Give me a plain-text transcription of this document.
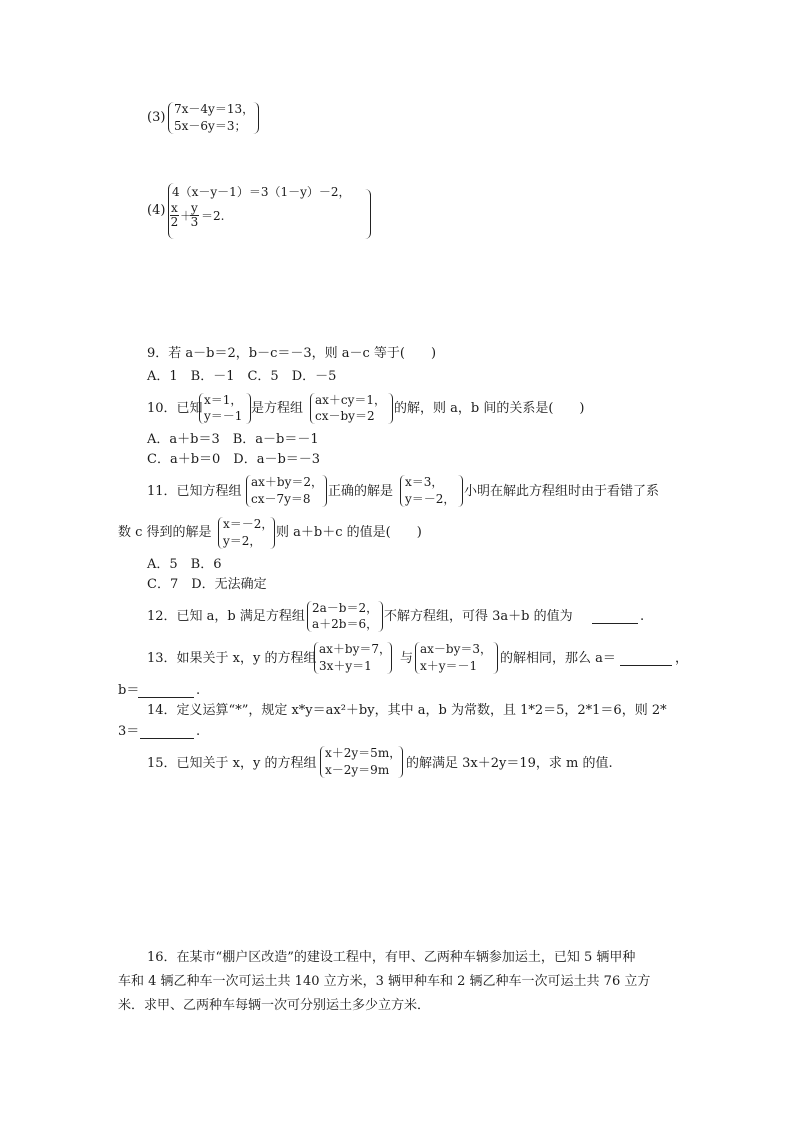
(3)
7x－4y＝13，
5x－6y＝3；
(4)
4（x－y－1）＝3（1－y）－2，
$\frac{x}{2}$ ＋
$\frac{y}{3} =2$.
9．若 a－b＝2，b－c＝－3，则 a－c 等于(　　)
A．1　B．－1　C．5　D．－5
10．已知
x＝1，
y＝－1 是方程组
ax＋cy＝1，
cx－by＝2 的解，则 a，b 间的关系是(　　)
A．a＋b＝3　B．a－b＝－1
C．a＋b＝0　D．a－b＝－3
11．已知方程组
ax＋by＝2，
cx－7y＝8 正确的解是
x＝3，
y＝－2， 小明在解此方程组时由于看错了系
数 c 得到的解是
x＝－2，
y＝2，
则 a＋b＋c 的值是(　　)
A．5　B．6
C．7　D．无法确定
12．已知 a，b 满足方程组
2a－b＝2，
a＋2b＝6， 不解方程组，可得 3a＋b 的值为	.
13．如果关于 x，y 的方程组
ax＋by＝7，
3x＋y＝1 与
ax－by＝3，
x＋y＝－1 的解相同，那么 a＝	，
b＝	.
14．定义运算“*”，规定 x*y＝ax²＋by，其中 a，b 为常数，且 1*2＝5，2*1＝6，则 2*
3＝	.
15．已知关于 x，y 的方程组
x＋2y＝5m，
x－2y＝9m 的解满足 3x＋2y＝19，求 m 的值.
16．在某市“棚户区改造”的建设工程中，有甲、乙两种车辆参加运土，已知 5 辆甲种
车和 4 辆乙种车一次可运土共 140 立方米，3 辆甲种车和 2 辆乙种车一次可运土共 76 立方
米．求甲、乙两种车每辆一次可分别运土多少立方米．
